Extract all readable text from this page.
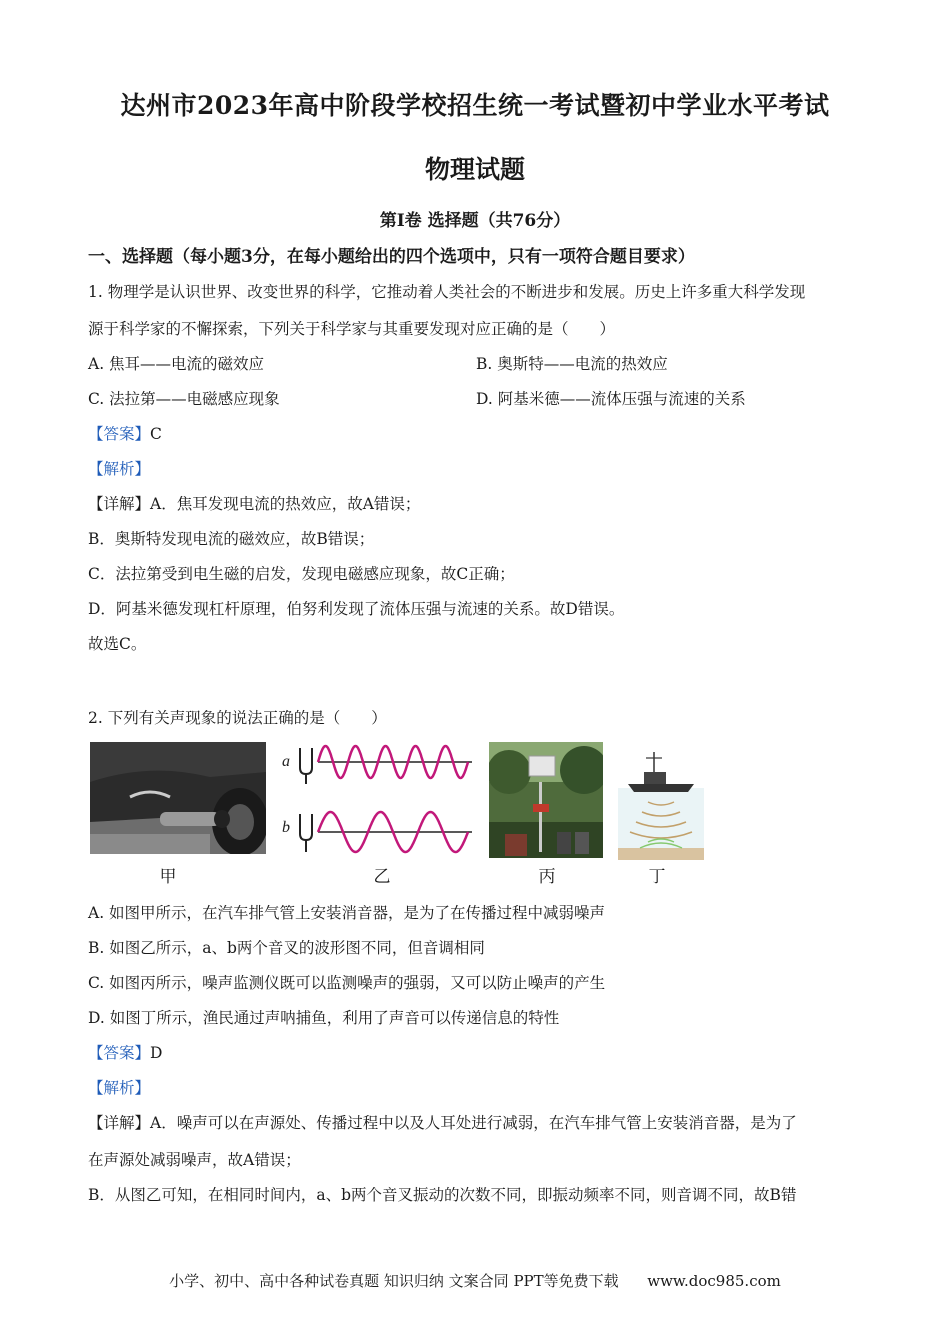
达州市2023年高中阶段学校招生统一考试暨初中学业水平考试
物理试题
第Ⅰ卷 选择题（共76分）
一、选择题（每小题3分，在每小题给出的四个选项中，只有一项符合题目要求）
1. 物理学是认识世界、改变世界的科学，它推动着人类社会的不断进步和发展。历史上许多重大科学发现
源于科学家的不懈探索，下列关于科学家与其重要发现对应正确的是（　　）
A. 焦耳——电流的磁效应	B. 奥斯特——电流的热效应
C. 法拉第——电磁感应现象	D. 阿基米德——流体压强与流速的关系
【答案】C
【解析】
【详解】A．焦耳发现电流的热效应，故A错误；
B．奥斯特发现电流的磁效应，故B错误；
C．法拉第受到电生磁的启发，发现电磁感应现象，故C正确；
D．阿基米德发现杠杆原理，伯努利发现了流体压强与流速的关系。故D错误。
故选C。
2. 下列有关声现象的说法正确的是（　　）
a
b
甲	乙	丙	丁
A. 如图甲所示，在汽车排气管上安装消音器，是为了在传播过程中减弱噪声
B. 如图乙所示，a、b两个音叉的波形图不同，但音调相同
C. 如图丙所示，噪声监测仪既可以监测噪声的强弱，又可以防止噪声的产生
D. 如图丁所示，渔民通过声呐捕鱼，利用了声音可以传递信息的特性
【答案】D
【解析】
【详解】A．噪声可以在声源处、传播过程中以及人耳处进行减弱，在汽车排气管上安装消音器，是为了
在声源处减弱噪声，故A错误；
B．从图乙可知，在相同时间内，a、b两个音叉振动的次数不同，即振动频率不同，则音调不同，故B错
小学、初中、高中各种试卷真题 知识归纳 文案合同 PPT等免费下载 www.doc985.com
